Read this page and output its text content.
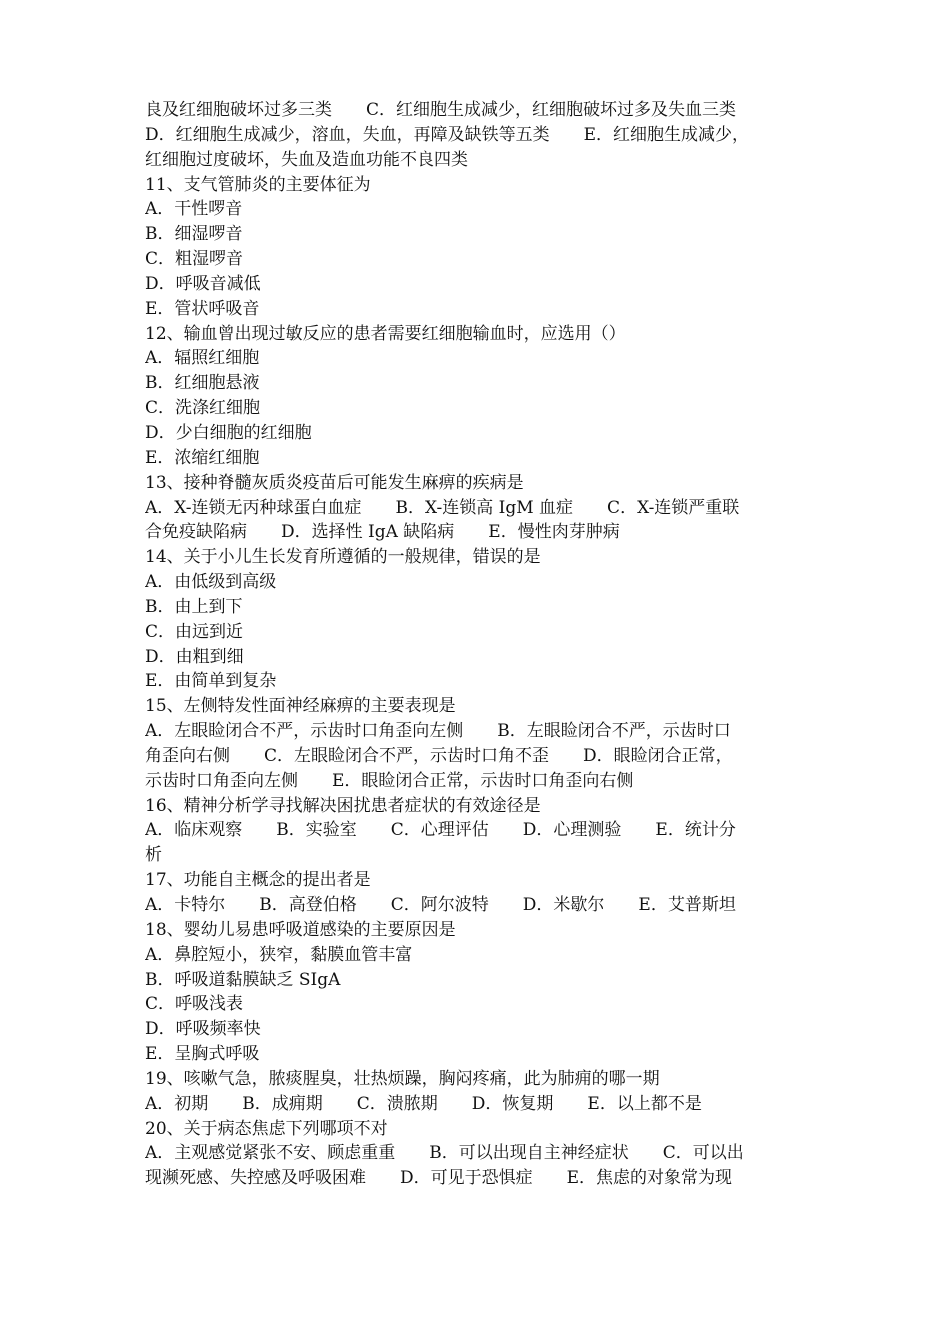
良及红细胞破坏过多三类　　C．红细胞生成减少，红细胞破坏过多及失血三类
D．红细胞生成减少，溶血，失血，再障及缺铁等五类　　E．红细胞生成减少，
红细胞过度破坏，失血及造血功能不良四类
11、支气管肺炎的主要体征为
A．干性啰音
B．细湿啰音
C．粗湿啰音
D．呼吸音减低
E．管状呼吸音
12、输血曾出现过敏反应的患者需要红细胞输血时，应选用（）
A．辐照红细胞
B．红细胞悬液
C．洗涤红细胞
D．少白细胞的红细胞
E．浓缩红细胞
13、接种脊髓灰质炎疫苗后可能发生麻痹的疾病是
A．X-连锁无丙种球蛋白血症　　B．X-连锁高 IgM 血症　　C．X-连锁严重联
合免疫缺陷病　　D．选择性 IgA 缺陷病　　E．慢性肉芽肿病
14、关于小儿生长发育所遵循的一般规律，错误的是
A．由低级到高级
B．由上到下
C．由远到近
D．由粗到细
E．由简单到复杂
15、左侧特发性面神经麻痹的主要表现是
A．左眼睑闭合不严，示齿时口角歪向左侧　　B．左眼睑闭合不严，示齿时口
角歪向右侧　　C．左眼睑闭合不严，示齿时口角不歪　　D．眼睑闭合正常，
示齿时口角歪向左侧　　E．眼睑闭合正常，示齿时口角歪向右侧
16、精神分析学寻找解决困扰患者症状的有效途径是
A．临床观察　　B．实验室　　C．心理评估　　D．心理测验　　E．统计分
析
17、功能自主概念的提出者是
A．卡特尔　　B．高登伯格　　C．阿尔波特　　D．米歇尔　　E．艾普斯坦
18、婴幼儿易患呼吸道感染的主要原因是
A．鼻腔短小，狭窄，黏膜血管丰富
B．呼吸道黏膜缺乏 SIgA
C．呼吸浅表
D．呼吸频率快
E．呈胸式呼吸
19、咳嗽气急，脓痰腥臭，壮热烦躁，胸闷疼痛，此为肺痈的哪一期
A．初期　　B．成痈期　　C．溃脓期　　D．恢复期　　E．以上都不是
20、关于病态焦虑下列哪项不对
A．主观感觉紧张不安、顾虑重重　　B．可以出现自主神经症状　　C．可以出
现濒死感、失控感及呼吸困难　　D．可见于恐惧症　　E．焦虑的对象常为现
